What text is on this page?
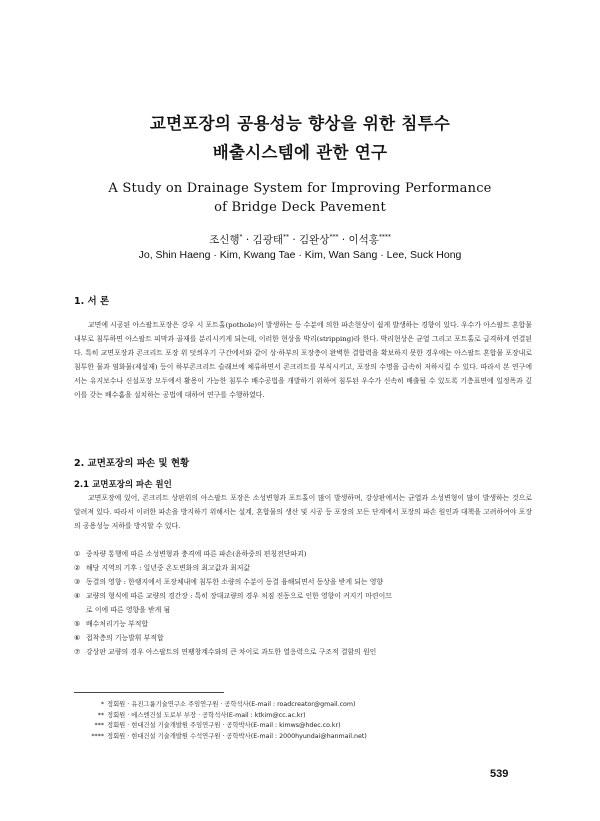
교면포장의 공용성능 향상을 위한 침투수
배출시스템에 관한 연구
A Study on Drainage System for Improving Performance
of Bridge Deck Pavement
조신행* · 김광태** · 김완상*** · 이석홍****
Jo, Shin Haeng · Kim, Kwang Tae · Kim, Wan Sang · Lee, Suck Hong
1. 서 론

교면에 시공된 아스팔트포장은 강우 시 포트홀(pothole)이 발생하는 등 수분에 의한 파손현상이 쉽게 발생하는 경향이 있다. 우수가 아스팔트 혼합물 내부로 침투하면 아스팔트 피막과 골재를 분리시키게 되는데, 이러한 현상을 박리(stripping)라 한다. 박리현상은 균열 그리고 포트홀로 급격하게 연결된다. 특히 교면포장과 콘크리트 포장 위 덧씌우기 구간에서와 같이 상·하부의 포장층이 완벽한 결합력을 확보하지 못한 경우에는 아스팔트 혼합물 포장내로 침투한 물과 염화물(제설재) 등이 하부콘크리트 슬래브에 체류하면서 콘크리트를 부식시키고, 포장의 수명을 급속히 저하시킬 수 있다. 따라서 본 연구에서는 유지보수나 신설포장 모두에서 활용이 가능한 침투수 배수공법을 개발하기 위하여 침투된 우수가 신속히 배출될 수 있도록 기층표면에 일정폭과 깊이를 갖는 배수홈을 설치하는 공법에 대하여 연구를 수행하였다.

2. 교면포장의 파손 및 현황
2.1 교면포장의 파손 원인

교면포장에 있어, 콘크리트 상판위의 아스팔트 포장은 소성변형과 포트홀이 많이 발생하며, 강상판에서는 균열과 소성변형이 많이 발생하는 것으로 알려져 있다. 따라서 이러한 파손을 방지하기 위해서는 설계, 혼합물의 생산 및 시공 등 포장의 모든 단계에서 포장의 파손 원인과 대책을 고려하여야 포장의 공용성능 저하를 방지할 수 있다.

① 중차량 통행에 따른 소성변형과 충격에 따른 파손(윤하중의 편칭전단파괴)
② 해당 지역의 기후 : 일년중 온도변화의 최고값과 최저값
③ 동결의 영향 : 한랭지에서 포장체내에 침투한 소량의 수분이 동결 융해되면서 동상을 받게 되는 영향
④ 교량의 형식에 따른 교량의 경간장 : 특히 장대교량의 경우 처짐 진동으로 인한 영향이 커지기 마련이므
로 이에 따른 영향을 받게 됨
⑤ 배수처리기능 부적합
⑥ 접착층의 기능발휘 부적합
⑦ 강상판 교량의 경우 아스팔트의 연팽창계수와의 큰 차이로 과도한 열응력으로 구조적 결함의 원인
* 정회원 · 유진그룹기술연구소 주임연구원 · 공학석사(E-mail : roadcreator@gmail.com)
** 정회원 · 에스엔건설 도로부 부장 · 공학석사(E-mail : ktkim@cc.ac.kr)
*** 정회원 · 현대건설 기술개발원 주임연구원 · 공학박사(E-mail : kimws@hdec.co.kr)
**** 정회원 · 현대건설 기술개발원 수석연구원 · 공학박사(E-mail : 2000hyundai@hanmail.net)
539
